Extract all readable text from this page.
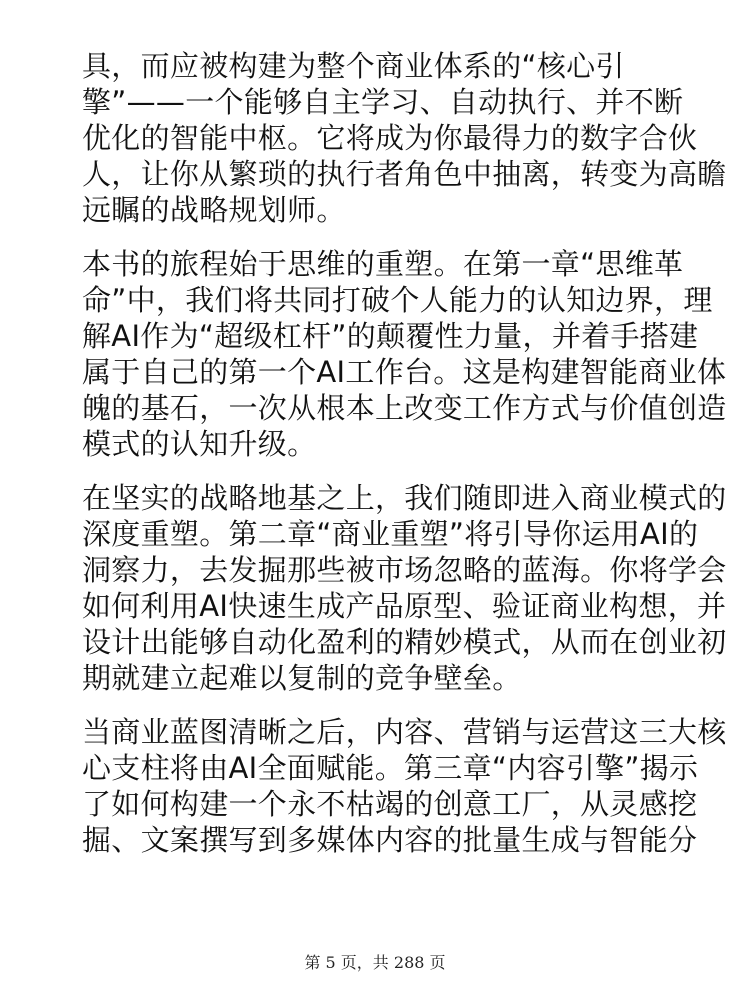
具，而应被构建为整个商业体系的“核心引
擎”——一个能够自主学习、自动执行、并不断
优化的智能中枢。它将成为你最得力的数字合伙
人，让你从繁琐的执行者角色中抽离，转变为高瞻
远瞩的战略规划师。
本书的旅程始于思维的重塑。在第一章“思维革
命”中，我们将共同打破个人能力的认知边界，理
解AI作为“超级杠杆”的颠覆性力量，并着手搭建
属于自己的第一个AI工作台。这是构建智能商业体
魄的基石，一次从根本上改变工作方式与价值创造
模式的认知升级。
在坚实的战略地基之上，我们随即进入商业模式的
深度重塑。第二章“商业重塑”将引导你运用AI的
洞察力，去发掘那些被市场忽略的蓝海。你将学会
如何利用AI快速生成产品原型、验证商业构想，并
设计出能够自动化盈利的精妙模式，从而在创业初
期就建立起难以复制的竞争壁垒。
当商业蓝图清晰之后，内容、营销与运营这三大核
心支柱将由AI全面赋能。第三章“内容引擎”揭示
了如何构建一个永不枯竭的创意工厂，从灵感挖
掘、文案撰写到多媒体内容的批量生成与智能分
第 5 页，共 288 页
